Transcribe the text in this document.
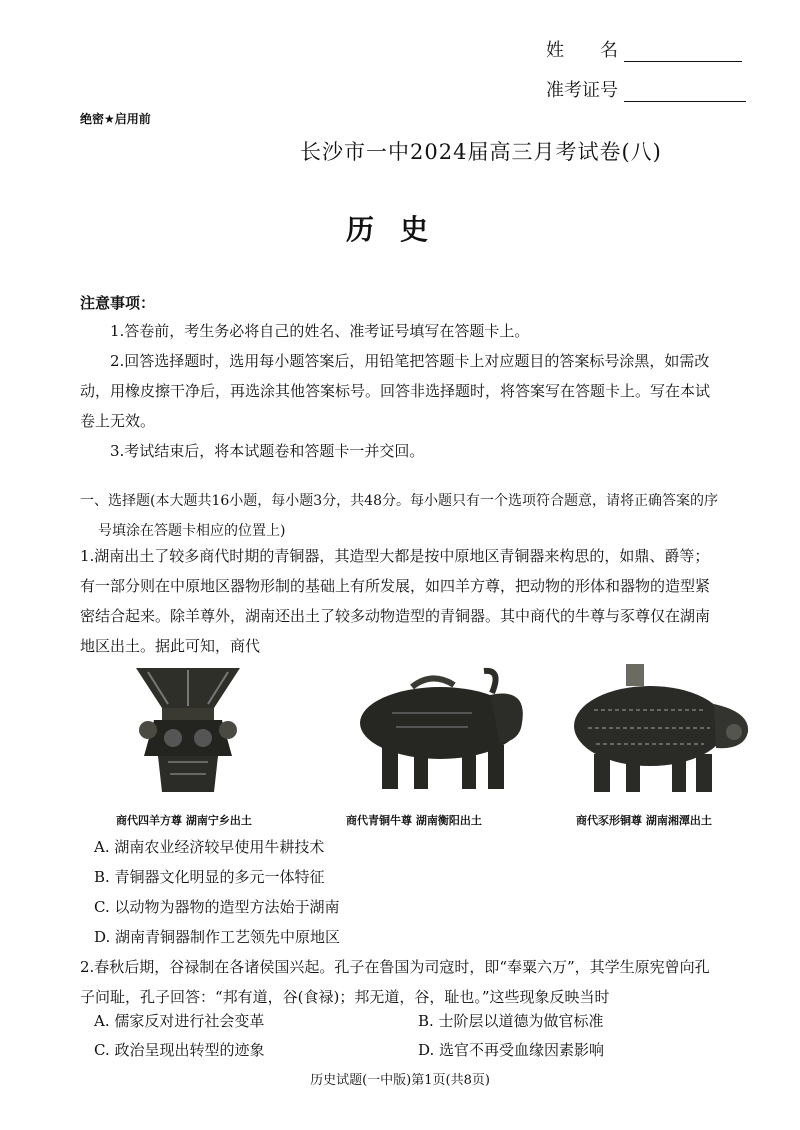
姓　　名
准考证号
绝密★启用前
长沙市一中2024届高三月考试卷(八)
历史
注意事项：
1.答卷前，考生务必将自己的姓名、准考证号填写在答题卡上。
2.回答选择题时，选用每小题答案后，用铅笔把答题卡上对应题目的答案标号涂黑，如需改动，用橡皮擦干净后，再选涂其他答案标号。回答非选择题时，将答案写在答题卡上。写在本试卷上无效。
3.考试结束后，将本试题卷和答题卡一并交回。
一、选择题(本大题共16小题，每小题3分，共48分。每小题只有一个选项符合题意，请将正确答案的序号填涂在答题卡相应的位置上)
1.湖南出土了较多商代时期的青铜器，其造型大都是按中原地区青铜器来构思的，如鼎、爵等；有一部分则在中原地区器物形制的基础上有所发展，如四羊方尊，把动物的形体和器物的造型紧密结合起来。除羊尊外，湖南还出土了较多动物造型的青铜器。其中商代的牛尊与豕尊仅在湖南地区出土。据此可知，商代
商代四羊方尊 湖南宁乡出土	商代青铜牛尊 湖南衡阳出土	商代豕形铜尊 湖南湘潭出土
A. 湖南农业经济较早使用牛耕技术
B. 青铜器文化明显的多元一体特征
C. 以动物为器物的造型方法始于湖南
D. 湖南青铜器制作工艺领先中原地区
2.春秋后期，谷禄制在各诸侯国兴起。孔子在鲁国为司寇时，即“奉粟六万”，其学生原宪曾向孔子问耻，孔子回答：“邦有道，谷(食禄)；邦无道，谷，耻也。”这些现象反映当时
A. 儒家反对进行社会变革	B. 士阶层以道德为做官标准
C. 政治呈现出转型的迹象	D. 选官不再受血缘因素影响
历史试题(一中版)第1页(共8页)
